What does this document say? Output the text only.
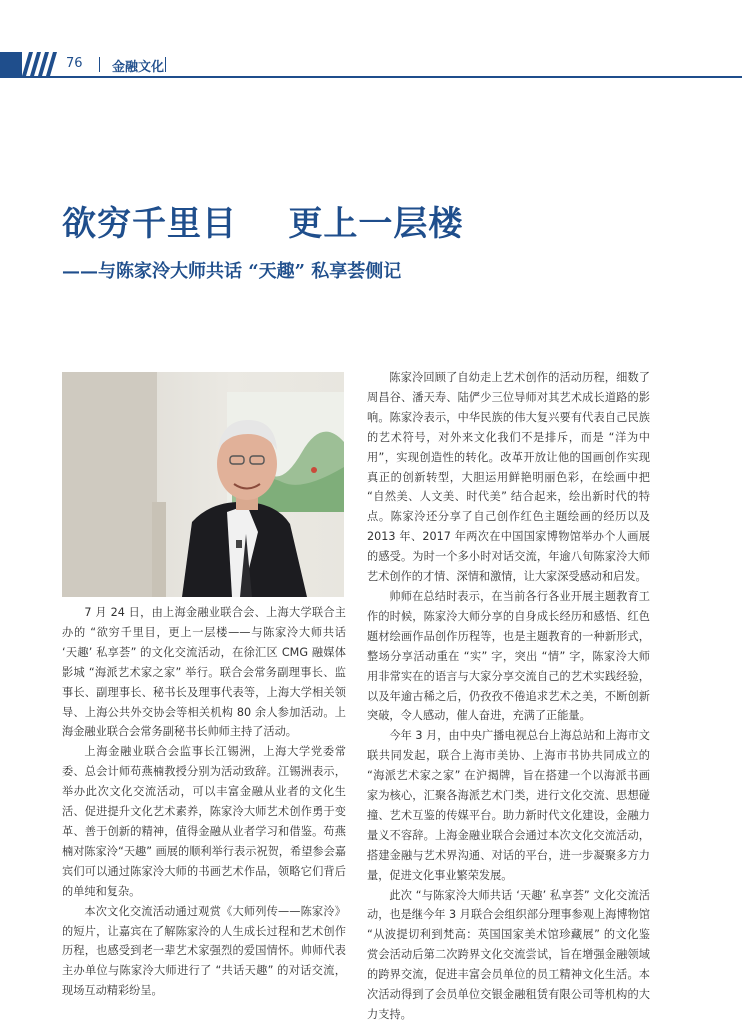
76 金融文化
欲穷千里目    更上一层楼
——与陈家泠大师共话 “天趣” 私享荟侧记

7 月 24 日，由上海金融业联合会、上海大学联合主办的 “欲穷千里目，更上一层楼——与陈家泠大师共话 ‘天趣’ 私享荟” 的文化交流活动，在徐汇区 CMG 融媒体影城 “海派艺术家之家” 举行。联合会常务副理事长、监事长、副理事长、秘书长及理事代表等，上海大学相关领导、上海公共外交协会等相关机构 80 余人参加活动。上海金融业联合会常务副秘书长帅师主持了活动。

上海金融业联合会监事长江锡洲，上海大学党委常委、总会计师苟燕楠教授分别为活动致辞。江锡洲表示，举办此次文化交流活动，可以丰富金融从业者的文化生活、促进提升文化艺术素养，陈家泠大师艺术创作勇于变革、善于创新的精神，值得金融从业者学习和借鉴。苟燕楠对陈家泠“天趣” 画展的顺利举行表示祝贺，希望参会嘉宾们可以通过陈家泠大师的书画艺术作品，领略它们背后的单纯和复杂。

本次文化交流活动通过观赏《大师列传——陈家泠》的短片，让嘉宾在了解陈家泠的人生成长过程和艺术创作历程，也感受到老一辈艺术家强烈的爱国情怀。帅师代表主办单位与陈家泠大师进行了 “共话天趣” 的对话交流，现场互动精彩纷呈。

陈家泠回顾了自幼走上艺术创作的活动历程，细数了周昌谷、潘天寿、陆俨少三位导师对其艺术成长道路的影响。陈家泠表示，中华民族的伟大复兴要有代表自己民族的艺术符号，对外来文化我们不是排斥，而是 “洋为中用”，实现创造性的转化。改革开放让他的国画创作实现真正的创新转型，大胆运用鲜艳明丽色彩，在绘画中把 “自然美、人文美、时代美” 结合起来，绘出新时代的特点。陈家泠还分享了自己创作红色主题绘画的经历以及 2013 年、2017 年两次在中国国家博物馆举办个人画展的感受。为时一个多小时对话交流，年逾八旬陈家泠大师艺术创作的才情、深情和激情，让大家深受感动和启发。

帅师在总结时表示，在当前各行各业开展主题教育工作的时候，陈家泠大师分享的自身成长经历和感悟、红色题材绘画作品创作历程等，也是主题教育的一种新形式，整场分享活动重在 “实” 字，突出 “情” 字，陈家泠大师用非常实在的语言与大家分享交流自己的艺术实践经验，以及年逾古稀之后，仍孜孜不倦追求艺术之美，不断创新突破，令人感动，催人奋进，充满了正能量。

今年 3 月，由中央广播电视总台上海总站和上海市文联共同发起，联合上海市美协、上海市书协共同成立的 “海派艺术家之家” 在沪揭牌，旨在搭建一个以海派书画家为核心，汇聚各海派艺术门类，进行文化交流、思想碰撞、艺术互鉴的传媒平台。助力新时代文化建设，金融力量义不容辞。上海金融业联合会通过本次文化交流活动，搭建金融与艺术界沟通、对话的平台，进一步凝聚多方力量，促进文化事业繁荣发展。

此次 “与陈家泠大师共话 ‘天趣’ 私享荟” 文化交流活动，也是继今年 3 月联合会组织部分理事参观上海博物馆 “从波提切利到梵高：英国国家美术馆珍藏展” 的文化鉴赏会活动后第二次跨界文化交流尝试，旨在增强金融领域的跨界交流，促进丰富会员单位的员工精神文化生活。本次活动得到了会员单位交银金融租赁有限公司等机构的大力支持。
